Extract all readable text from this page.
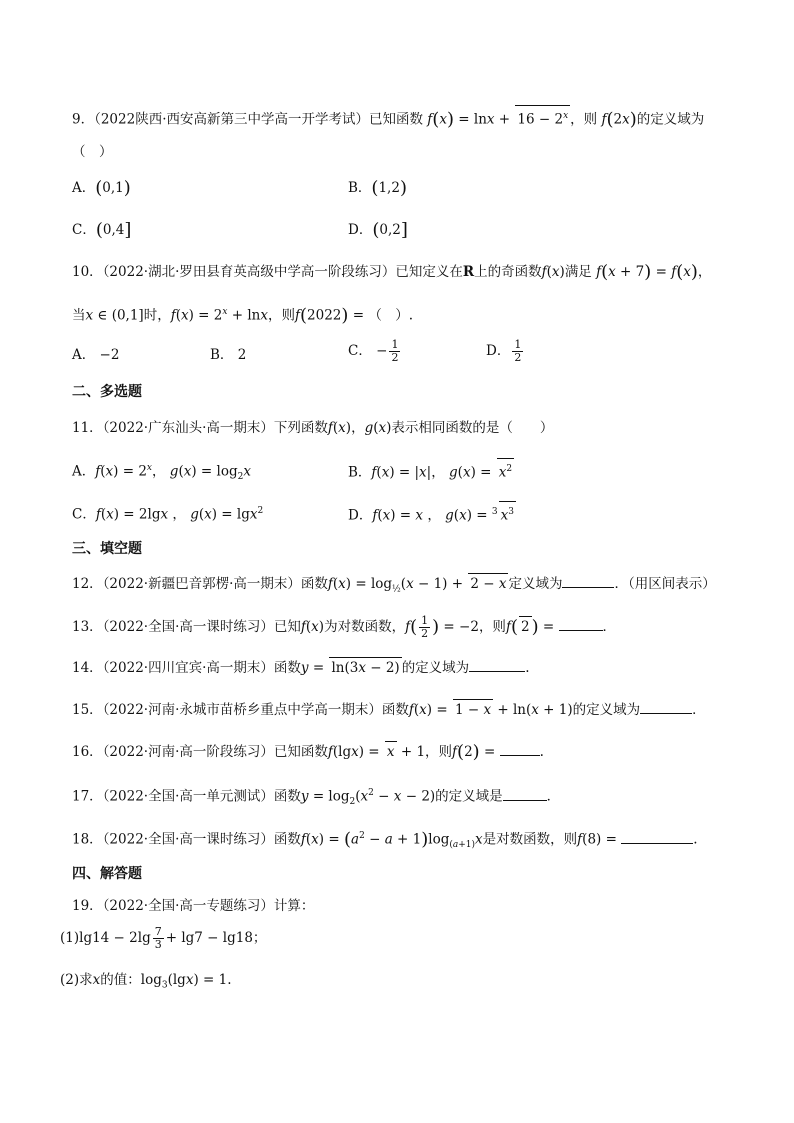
9．（2022陕西·西安高新第三中学高一开学考试）已知函数 $f(x) = \ln x + 16 - 2^x$ ，则 f(2x)的定义域为
（　）
A．(0,1)	B．(1,2)
C．(0,4]	D．(0,2]
10．（2022·湖北·罗田县育英高级中学高一阶段练习）已知定义在R上的奇函数f(x)满足 f(x + 7) = f(x)，
当x ∈ (0,1]时，$f(x) = 2^x + \ln x$，则f(2022) = （　）.
A． −2	B． 2	C． − $\frac{1}{2}$	D． $\frac{1}{2}$
二、多选题
11．（2022·广东汕头·高一期末）下列函数f(x)，g(x)表示相同函数的是（　　）
A．$f(x) = 2^x$， $g(x) = \log_2x$	B．f(x) = |x|， $g(x) = x^2$
C．f(x) = 2lgx ， g(x) = lgx$^2$	D．f(x) = x ， g(x) = $^3$ $x^3$
三、填空题
12．（2022·新疆巴音郭楞·高一期末）函数$f(x) = \log_{\frac{1}{2}}(x - 1) + 2 - x$ 定义域为	．（用区间表示）
13．（2022·全国·高一课时练习）已知f(x)为对数函数，$f( \frac{1}{2}$ ) = −2，则f( 2 ) =	．
14．（2022·四川宜宾·高一期末）函数y = ln(3x − 2) 的定义域为	.
15．（2022·河南·永城市苗桥乡重点中学高一期末）函数f(x) = 1 − x + ln(x + 1)的定义域为	．
16．（2022·河南·高一阶段练习）已知函数f(lgx) = x + 1，则f(2) =	.
17．（2022·全国·高一单元测试）函数$y = \log_2(x^2 - x - 2)$的定义域是	．
18．（2022·全国·高一课时练习）函数$f(x) = (a^2 - a + 1)\log_{(a+1)}x$是对数函数，则f(8) =	.
四、解答题
19．（2022·全国·高一专题练习）计算：
$(1)\lg 14 - 2\lg \frac{7}{3} + \lg 7 - \lg 18$；
(2)求x的值：$\log_3(\lg x) = 1$.
